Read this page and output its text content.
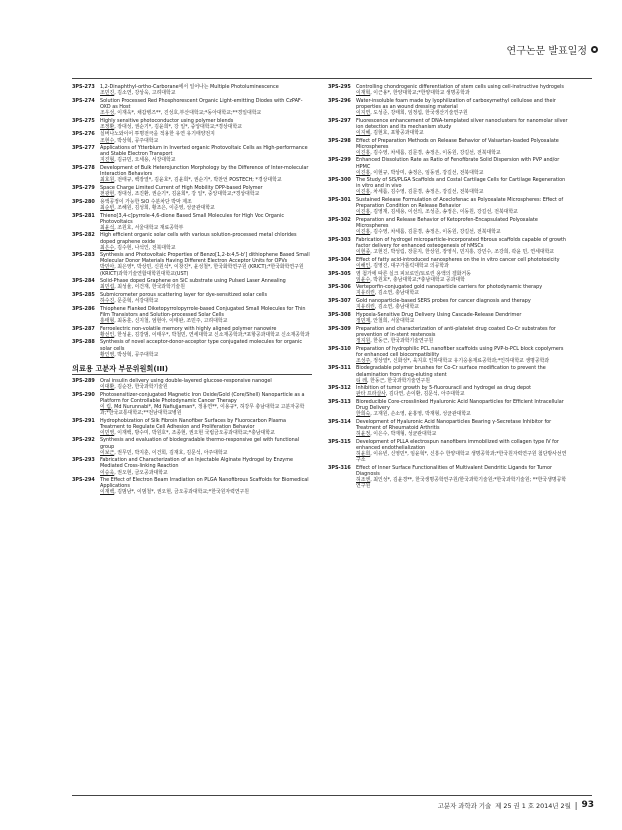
연구논문 발표일정
3PS-273	1,2-Dinaphthyl-ortho-Carborane에서 일어나는 Multiple Photoluminescence
조민진, 김소연, 강상욱, 고려대학교
3PS-274	Solution Processed Red Phosphorescent Organic Light-emitting Diodes with CzPAF-OXD as Host
조우성, 이재욱*, 채갑병즈**, 진성호,부산대학교;*동아대학교;**경일대학교
3PS-275	Highly sensitive photoconductor using polymer blends
조정환, 장대성, 권순기*, 김윤희*, 강 일*, 중앙대학교;*경상대학교
3PS-276	실버나노와이어 투명전극을 적용한 유연 유기태양전지
조현수, 박상혁, 공주대학교
3PS-277	Applications of Ytterbium in Inverted organic Photovoltaic Cells as High-performance and Stable Electron Transport
지진형, 김규민, 오세용, 서강대학교
3PS-278	Development of Bulk Heterojunction Morphology by the Difference of Inter-molecular Interaction Behaviors
최호원, 전태규, 백장열*, 김윤호*, 김윤희*, 권순기*, 박찬언 POSTECH; *경상대학교
3PS-279	Space Charge Limited Current of High Mobility DPP-based Polymer
천광현, 정대성, 조진환, 권순기*, 김윤희*, 강 일*, 중앙대학교;*경상대학교
3PS-280	용액공정이 가능한 SiO 수분차단 박막 제조
최순빈, 조해원, 김성희, 황조은, 이준영, 성균관대학교
3PS-281	Thieno[3,4-c]pyrrole-4,6-dione Based Small Molecules for High Voc Organic Photovoltaics
최윤석, 조원호, 서울대학교 재료공학부
3PS-282	High efficient organic solar cells with various solution-processed metal chlorides doped graphene oxide
최은수, 김수현, 나석인, 전북대학교
3PS-283	Synthesis and Photovoltaic Properties of Benzo[1,2-b:4,5-b'] dithiophene Based Small Molecular Donor Materials Having Different Electron Acceptor Units for OPVs
박민아, 최은영*, 박상민, 신원석*, 이창진*, 윤성철*, 한국화학연구원 (KRICT);*한국화학연구원(KRICT)과학기술연합대학원대학교(UST)
3PS-284	Solid-Phase doped Graphene on SiC substrate using Pulsed Laser Annealing
최민섭, 최성율, 이건재, 한국과학기술원
3PS-285	Submicrometer porous scattering layer for dye-sensitized solar cells
하수진, 문준혁, 서강대학교
3PS-286	Thiophene Flanked Diketopyrrolopyrrole-based Conjugated Small Molecules for Thin Film Transistors and Solution-processed Solar Cells
홍태형, 최동훈, 신지철, 엄현아, 이태완, 조민주, 고려대학교
3PS-287	Ferroelectric non-volatile memory with highly aligned polymer nanowire
황선인, 한성윤, 김강범, 이태우*, 박철민, 연세대학교 신소재공학과;*포항공과대학교 신소재공학과
3PS-288	Synthesis of novel acceptor-donor-acceptor type conjugated molecules for organic solar cells
황인영, 박상혁, 공주대학교
의료용 고분자 부문위원회(III)
3PS-289	Oral insulin delivery using double-layered glucose-responsive nanogel
이대환, 김순찬, 한국과학기술원
3PS-290	Photosensitizer-conjugated Magnetic Iron Oxide/Gold (Core/Shell) Nanoparticle as a Platform for Controllable Photodynamic Cancer Therapy
이 림, Md Nurunnabi*, Md Nafiujjaman*, 정용연**, 이용규*, 허강무 충남대학교 고분자공학과;*한국교통대학교;**전남대학교병원
3PS-291	Hydrophobization of Silk Fibroin Nanofiber Surfaces by Fluorocarbon Plasma Treatment to Regulate Cell Adhesion and Proliferation Behavior
이민영, 이재백, 방수미, 박원호*, 조종현, 권오현 국립금오공과대학교;*충남대학교
3PS-292	Synthesis and evaluation of biodegradable thermo-responsive gel with functional group
이보근, 권무민, 박지훈, 이건희, 김재호, 김문석, 아주대학교
3PS-293	Fabrication and Characterization of an Injectable Alginate Hydrogel by Enzyme Mediated Cross-linking Reaction
이승욱, 권오현, 금오공과대학교
3PS-294	The Effect of Electron Beam Irradiation on PLGA Nanofibrous Scaffolds for Biomedical Applications
이재백, 김범남*, 이범철*, 권오현, 금오공과대학교;*한국원자력연구원
3PS-295	Controlling chondrogenic differentiation of stem cells using cell-instructive hydrogels
이재혁, 이근용*, 한양대학교;*한양대학교 생명공학과
3PS-296	Water-insoluble foam made by lyophilization of carboxymethyl cellulose and their properties as an wound dressing material
이지연, 도성준, 강태희, 임정섭, 한국생산기술연구원
3PS-297	Fluorescence enhancement of DNA-templated silver nanoclusters for nanomolar silver ion detection and its mechanism study
이지혜, 김현호, 포항공과대학교
3PS-298	Effect of Preparation Methods on Release Behavior of Valsartan-loaded Polyoxalate Microspheres
이진홍, 김수영, 차세롬, 김문경, 송정은, 이동원, 강길선, 전북대학교
3PS-299	Enhanced Dissolution Rate as Ratio of Fenofibrate Solid Dispersion with PVP and/or HPMC
이진홍, 이현규, 박상미, 송정은, 임동권, 강길선, 전북대학교
3PS-300	The Study of SIS/PLGA Scaffolds and Costal Cartilage Cells for Cartilage Regeneration in vitro and in vivo
이진홍, 차세롬, 김수영, 김문경, 송정은, 강길선, 전북대학교
3PS-301	Sustained Release Formulation of Aceclofenac as Polyoxalate Microspheres: Effect of Preparation Condition on Release Behavior
이진홍, 김영재, 김세용, 이선의, 조성준, 송정은, 이동원, 강길선, 전북대학교
3PS-302	Preparation and Release Behavior of Ketoprofen-Encapsulated Polyoxalate Microspheres
이진홍, 김수영, 차세롬, 김문경, 송정은, 이동원, 강길선, 전북대학교
3PS-303	Fabrication of hydrogel microparticle-incorporated fibrous scaffolds capable of growth factor delivery for enhanced osteogenesis of hMSCs
이현종, 고현진, 박성림, 장문지, 한상원, 장영식, 민지홍, 강민수, 조강희, 곽윤 민, 연세대학교
3PS-304	Effect of fatty acid-introduced nanospheres on the in vitro cancer cell phototoxicity
이해인, 김영진, 대구가톨릭대학교 의공학과
3PS-305	염 첨가에 따른 실크 피브로인/토로린 용액의 겔화거동
임윤수, 박원호*, 충남대학교;*충남대학교 공과대학
3PS-306	Verteporfin-conjugated gold nanoparticle carriers for photodynamic therapy
지유리린, 김소연, 충남대학교
3PS-307	Gold nanoparticle-based SERS probes for cancer diagnosis and therapy
지유리린, 김소연, 충남대학교
3PS-308	Hypoxia-Sensitive Drug Delivery Using Cascade-Release Dendrimer
정민재, 안철희, 서울대학교
3PS-309	Preparation and characterization of anti-platelet drug coated Co-Cr substrates for prevention of in-stent restenosis
정지원, 한동근, 한국과학기술연구원
3PS-310	Preparation of hydrophilic PCL nanofiber scaffolds using PVP-b-PCL block copolymers for enhanced cell biocompatibility
조성주, 정상열*, 신화성*, 육지호 인하대학교 유기응용재료공학과;*인하대학교 생명공학과
3PS-311	Biodegradable polymer brushes for Co-Cr surface modification to prevent the delamination from drug-eluting stent
티 레, 한동근, 한국과학기술연구원
3PS-312	Inhibition of tumor growth by 5-fluorouracil and hydrogel as drug depot
판타 프라살사, 김다연, 손이환, 김문석, 아주대학교
3PS-313	Bioreducible Core-crosslinked Hyaluronic Acid Nanoparticles for Efficient Intracellular Drug Delivery
한희숙, 고재원, 손소영, 윤홍영, 박재형, 성균관대학교
3PS-314	Development of Hyaluronic Acid Nanoparticles Bearing γ-Secretase Inhibitor for Treatment of Rheumatoid Arthritis
허윤정, 이은수, 박재형, 성균관대학교
3PS-315	Development of PLLA electrospun nanofibers immobilized with collagen type IV for enhanced endothelialization
허윤희, 이유빈, 신영민*, 임윤혁*, 신흥수 한양대학교 생명공학과;*한국원자력연구원 첨단방사선연구소
3PS-316	Effect of Inner Surface Functionalities of Multivalent Dendritic Ligands for Tumor Diagnosis
허조엔, 최인성*, 김윤경**, 한국생명공학연구원/한국과학기술원;*한국과학기술원; **한국생명공학연구원
고분자 과학과 기술 제 25 권 1 호 2014년 2월 | 93
